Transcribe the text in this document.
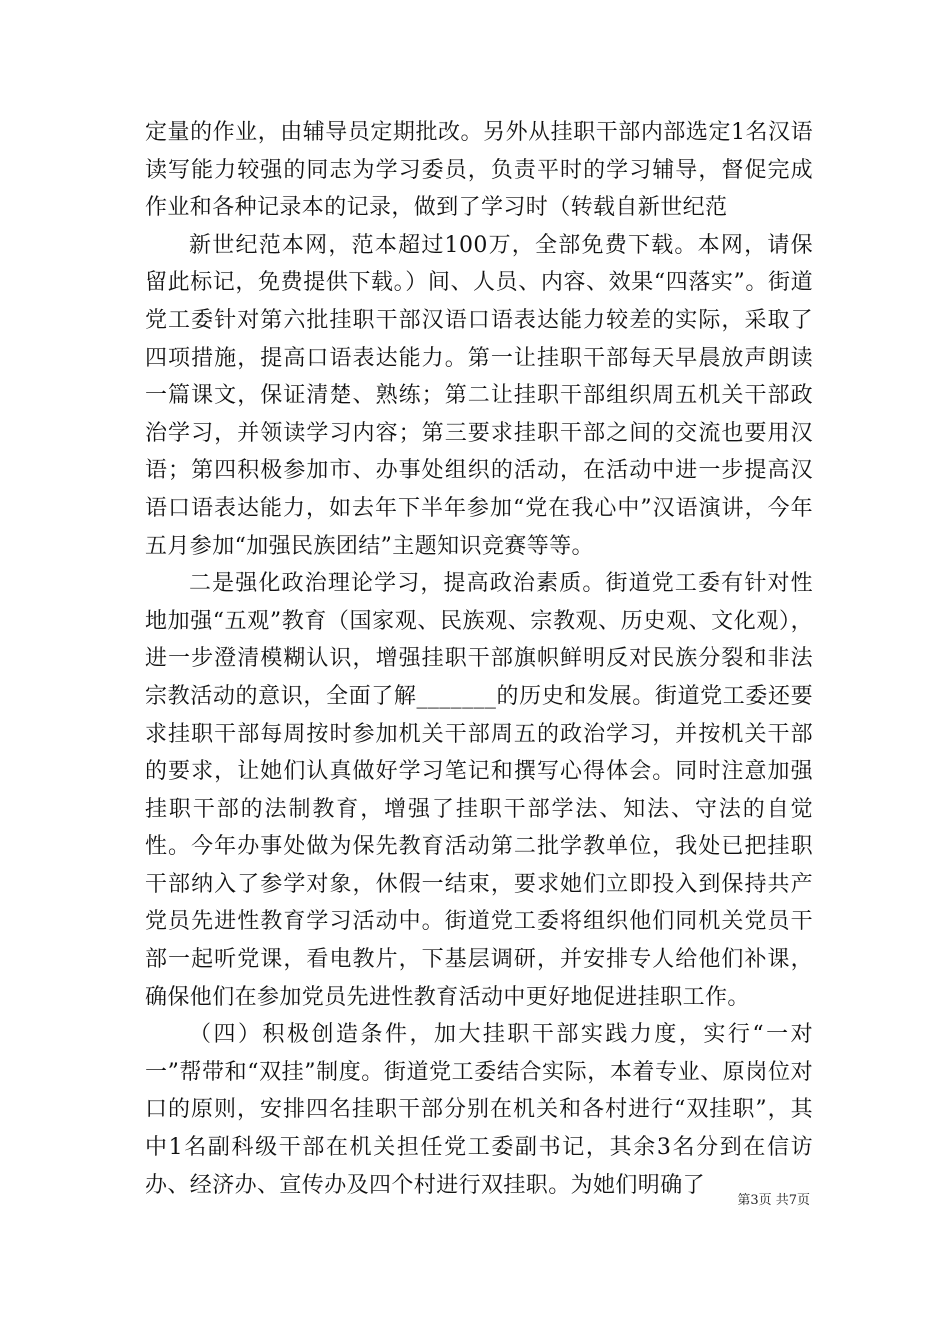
定量的作业，由辅导员定期批改。另外从挂职干部内部选定1名汉语读写能力较强的同志为学习委员，负责平时的学习辅导，督促完成作业和各种记录本的记录，做到了学习时（转载自新世纪范

新世纪范本网，范本超过100万，全部免费下载。本网，请保留此标记，免费提供下载。）间、人员、内容、效果“四落实”。街道党工委针对第六批挂职干部汉语口语表达能力较差的实际，采取了四项措施，提高口语表达能力。第一让挂职干部每天早晨放声朗读一篇课文，保证清楚、熟练；第二让挂职干部组织周五机关干部政治学习，并领读学习内容；第三要求挂职干部之间的交流也要用汉语；第四积极参加市、办事处组织的活动，在活动中进一步提高汉语口语表达能力，如去年下半年参加“党在我心中”汉语演讲，今年五月参加“加强民族团结”主题知识竞赛等等。

二是强化政治理论学习，提高政治素质。街道党工委有针对性地加强“五观”教育（国家观、民族观、宗教观、历史观、文化观），进一步澄清模糊认识，增强挂职干部旗帜鲜明反对民族分裂和非法宗教活动的意识，全面了解_______的历史和发展。街道党工委还要求挂职干部每周按时参加机关干部周五的政治学习，并按机关干部的要求，让她们认真做好学习笔记和撰写心得体会。同时注意加强挂职干部的法制教育，增强了挂职干部学法、知法、守法的自觉性。今年办事处做为保先教育活动第二批学教单位，我处已把挂职干部纳入了参学对象，休假一结束，要求她们立即投入到保持共产党员先进性教育学习活动中。街道党工委将组织他们同机关党员干部一起听党课，看电教片，下基层调研，并安排专人给他们补课，确保他们在参加党员先进性教育活动中更好地促进挂职工作。

（四）积极创造条件，加大挂职干部实践力度，实行“一对一”帮带和“双挂”制度。街道党工委结合实际，本着专业、原岗位对口的原则，安排四名挂职干部分别在机关和各村进行“双挂职”，其中1名副科级干部在机关担任党工委副书记，其余3名分到在信访办、经济办、宣传办及四个村进行双挂职。为她们明确了

第3页 共7页
